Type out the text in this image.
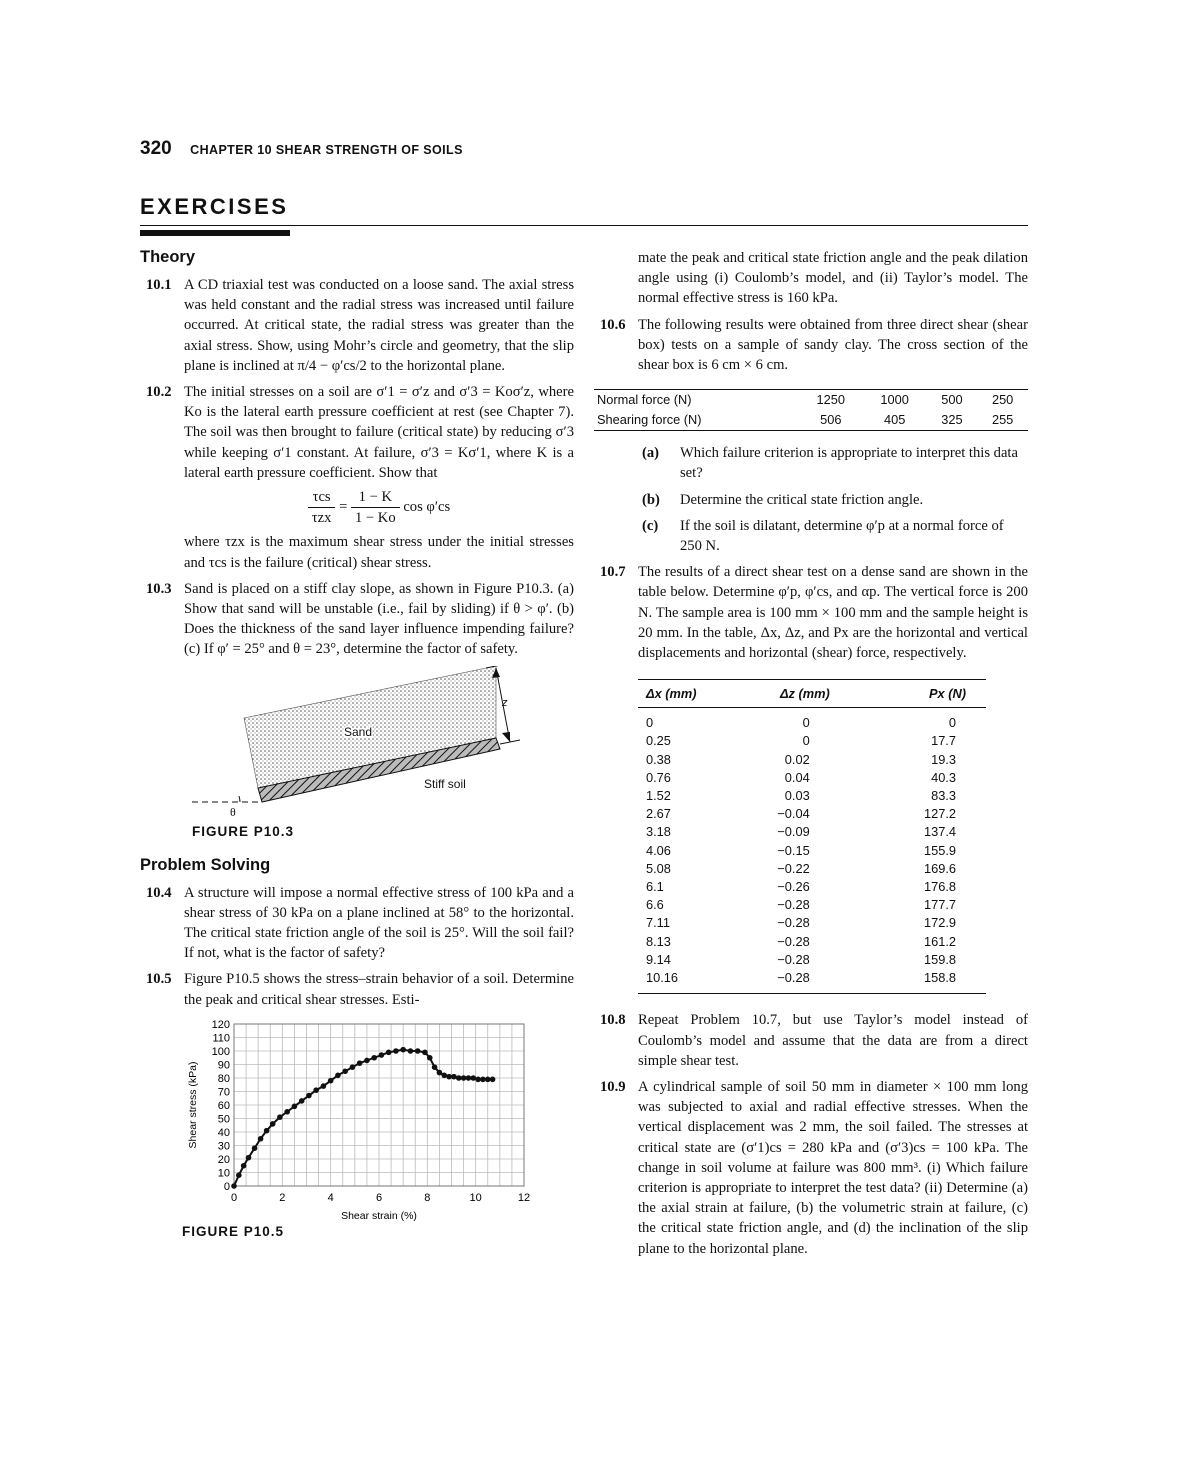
320 CHAPTER 10 SHEAR STRENGTH OF SOILS
EXERCISES
Theory
10.1 A CD triaxial test was conducted on a loose sand. The axial stress was held constant and the radial stress was increased until failure occurred. At critical state, the radial stress was greater than the axial stress. Show, using Mohr’s circle and geometry, that the slip plane is inclined at π/4 − φ′cs/2 to the horizontal plane.
10.2 The initial stresses on a soil are σ′1 = σ′z and σ′3 = Koσ′z, where Ko is the lateral earth pressure coefficient at rest (see Chapter 7). The soil was then brought to failure (critical state) by reducing σ′3 while keeping σ′1 constant. At failure, σ′3 = Kσ′1, where K is a lateral earth pressure coefficient. Show that
$\frac{\text{τcs}}{\text{τzx}} = \frac{1 - K}{1 - Ko}$ cos φ′cs
where τzx is the maximum shear stress under the initial stresses and τcs is the failure (critical) shear stress.
10.3 Sand is placed on a stiff clay slope, as shown in Figure P10.3. (a) Show that sand will be unstable (i.e., fail by sliding) if θ > φ′. (b) Does the thickness of the sand layer influence impending failure? (c) If φ′ = 25° and θ = 23°, determine the factor of safety.
z
Sand
Stiff soil
θ
FIGURE P10.3
Problem Solving
10.4 A structure will impose a normal effective stress of 100 kPa and a shear stress of 30 kPa on a plane inclined at 58° to the horizontal. The critical state friction angle of the soil is 25°. Will the soil fail? If not, what is the factor of safety?
10.5 Figure P10.5 shows the stress–strain behavior of a soil. Determine the peak and critical shear stresses. Esti-
0
10
20
30
40
50
60
70
80
90
100
110
120
0	2	4	6	8	10	12
Shear strain (%)
Shear stress (kPa)
FIGURE P10.5
mate the peak and critical state friction angle and the peak dilation angle using (i) Coulomb’s model, and (ii) Taylor’s model. The normal effective stress is 160 kPa.
10.6 The following results were obtained from three direct shear (shear box) tests on a sample of sandy clay. The cross section of the shear box is 6 cm × 6 cm.
Normal force (N)	1250	1000	500	250
Shearing force (N)	506	405	325	255
(a) Which failure criterion is appropriate to interpret this data set?
(b) Determine the critical state friction angle.
(c) If the soil is dilatant, determine φ′p at a normal force of 250 N.
10.7 The results of a direct shear test on a dense sand are shown in the table below. Determine φ′p, φ′cs, and αp. The vertical force is 200 N. The sample area is 100 mm × 100 mm and the sample height is 20 mm. In the table, Δx, Δz, and Px are the horizontal and vertical displacements and horizontal (shear) force, respectively.
Δx (mm)	Δz (mm)	Px (N)
0	0	0
0.25	0	17.7
0.38	0.02	19.3
0.76	0.04	40.3
1.52	0.03	83.3
2.67	−0.04	127.2
3.18	−0.09	137.4
4.06	−0.15	155.9
5.08	−0.22	169.6
6.1	−0.26	176.8
6.6	−0.28	177.7
7.11	−0.28	172.9
8.13	−0.28	161.2
9.14	−0.28	159.8
10.16	−0.28	158.8
10.8 Repeat Problem 10.7, but use Taylor’s model instead of Coulomb’s model and assume that the data are from a direct simple shear test.
10.9 A cylindrical sample of soil 50 mm in diameter × 100 mm long was subjected to axial and radial effective stresses. When the vertical displacement was 2 mm, the soil failed. The stresses at critical state are (σ′1)cs = 280 kPa and (σ′3)cs = 100 kPa. The change in soil volume at failure was 800 mm³. (i) Which failure criterion is appropriate to interpret the test data? (ii) Determine (a) the axial strain at failure, (b) the volumetric strain at failure, (c) the critical state friction angle, and (d) the inclination of the slip plane to the horizontal plane.
